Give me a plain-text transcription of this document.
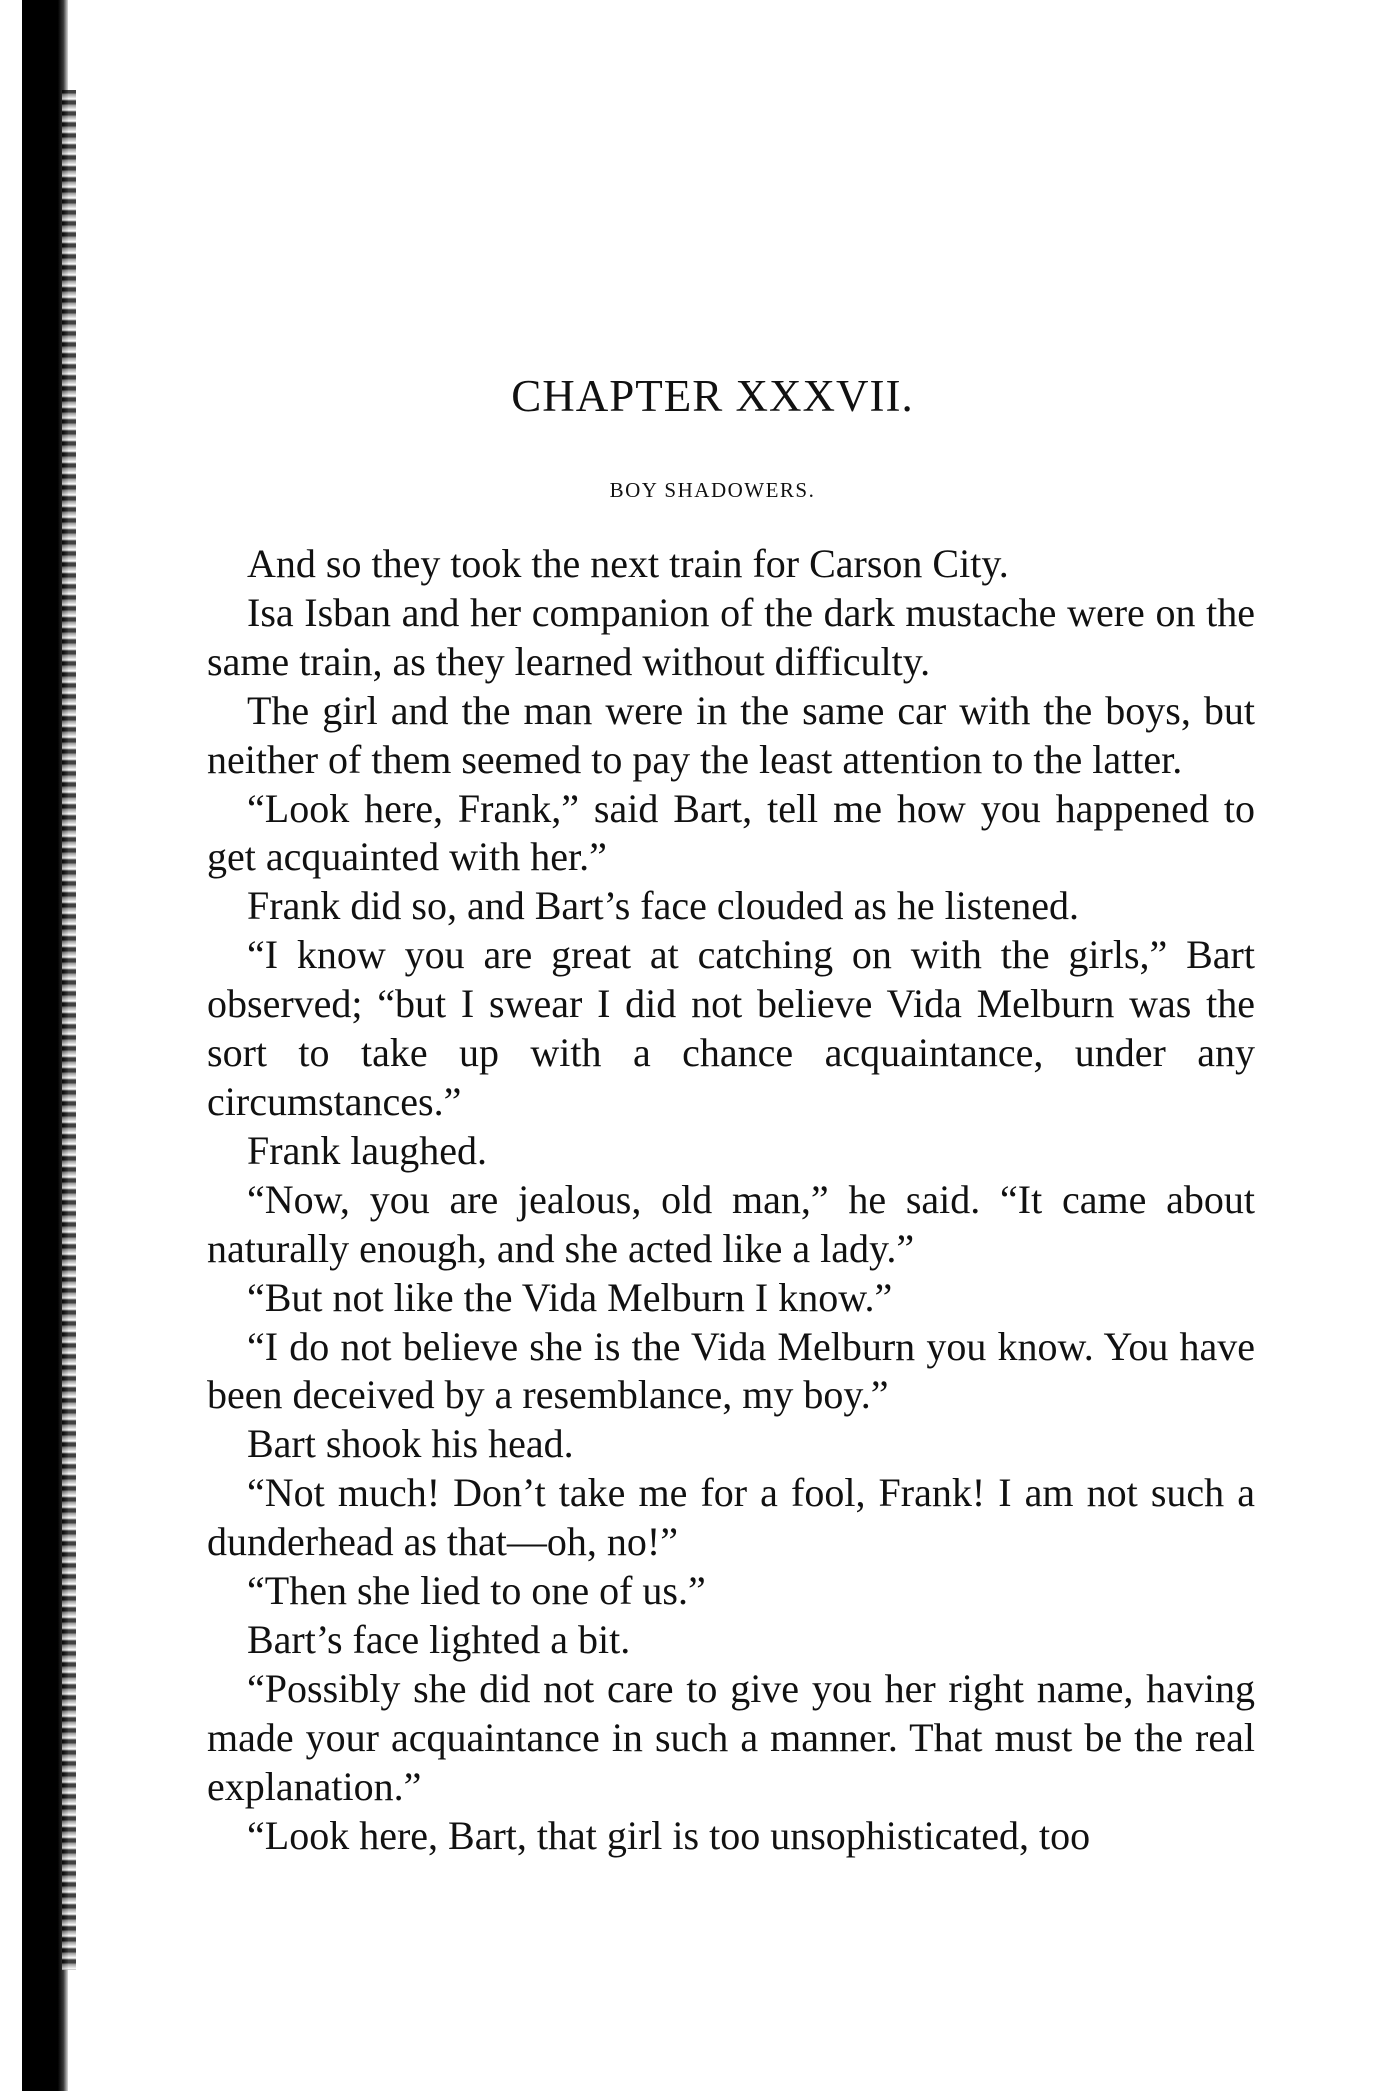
CHAPTER XXXVII.
BOY SHADOWERS.

And so they took the next train for Carson City.

Isa Isban and her companion of the dark mustache were on the same train, as they learned without difficulty.

The girl and the man were in the same car with the boys, but neither of them seemed to pay the least attention to the latter.

“Look here, Frank,” said Bart, tell me how you happened to get acquainted with her.”

Frank did so, and Bart’s face clouded as he listened.

“I know you are great at catching on with the girls,” Bart observed; “but I swear I did not believe Vida Melburn was the sort to take up with a chance acquaintance, under any circumstances.”

Frank laughed.

“Now, you are jealous, old man,” he said. “It came about naturally enough, and she acted like a lady.”

“But not like the Vida Melburn I know.”

“I do not believe she is the Vida Melburn you know. You have been deceived by a resemblance, my boy.”

Bart shook his head.

“Not much! Don’t take me for a fool, Frank! I am not such a dunderhead as that—oh, no!”

“Then she lied to one of us.”

Bart’s face lighted a bit.

“Possibly she did not care to give you her right name, having made your acquaintance in such a manner. That must be the real explanation.”

“Look here, Bart, that girl is too unsophisticated, too
